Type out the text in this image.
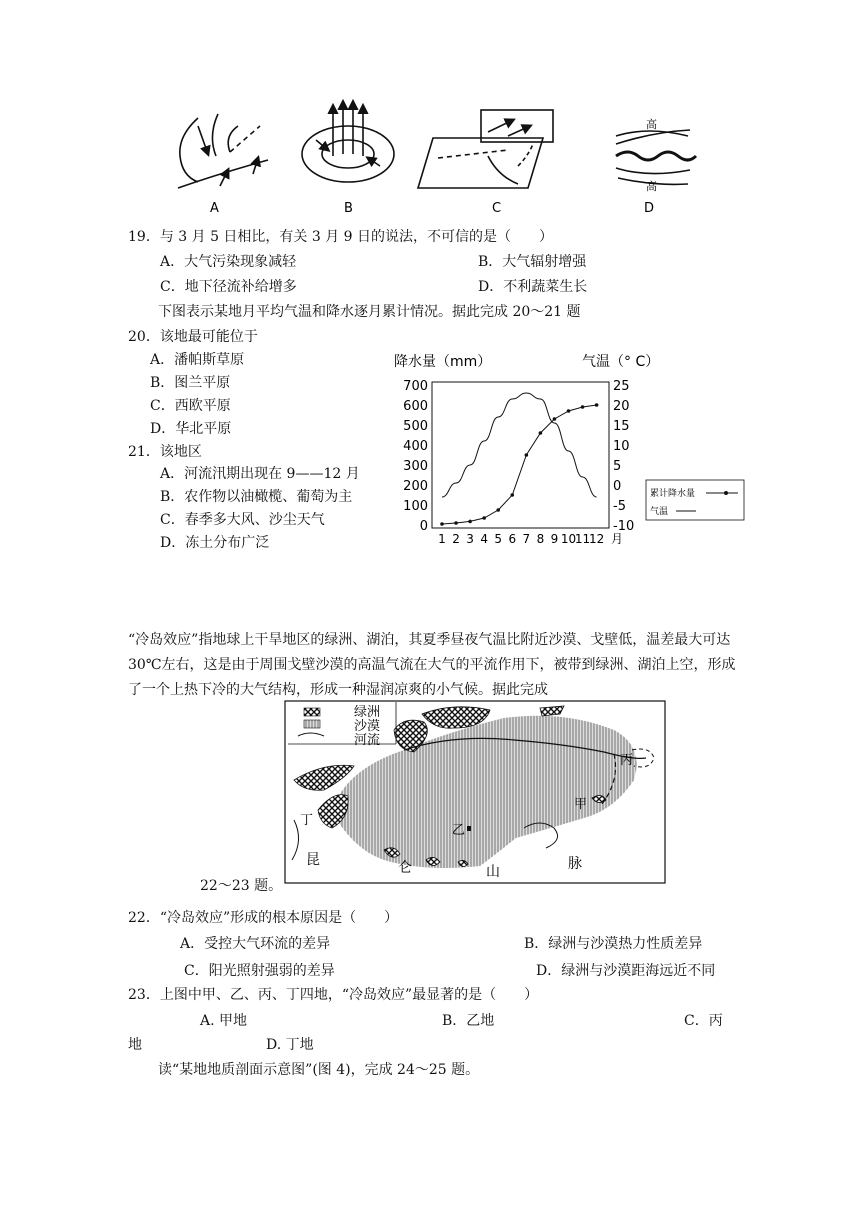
高
高
A	B	C	D
19．与 3 月 5 日相比，有关 3 月 9 日的说法，不可信的是（　　）
A．大气污染现象减轻	B．大气辐射增强
C．地下径流补给增多	D．不利蔬菜生长
下图表示某地月平均气温和降水逐月累计情况。据此完成 20～21 题
20．该地最可能位于
A．潘帕斯草原
B．图兰平原
C．西欧平原
D．华北平原
21．该地区
A．河流汛期出现在 9——12 月
B．农作物以油橄榄、葡萄为主
C．春季多大风、沙尘天气
D．冻土分布广泛
降水量（mm）	气温（° C）
0
100
200
300
400
500
600
700
-10
-5
0
5
10
15
20
25
1 2 3 4 5 6 7 8 9 10
11
12 月
累计降水量
气温
“冷岛效应”指地球上干旱地区的绿洲、湖泊，其夏季昼夜气温比附近沙漠、戈壁低，温差最大可达 30℃左右，这是由于周围戈壁沙漠的高温气流在大气的平流作用下，被带到绿洲、湖泊上空，形成了一个上热下冷的大气结构，形成一种湿润凉爽的小气候。据此完成
绿洲
沙漠
河流
丙
甲
乙
丁
昆	仑	山	脉
22～23 题。
22．“冷岛效应”形成的根本原因是（　　）
A．受控大气环流的差异	B．绿洲与沙漠热力性质差异
C．阳光照射强弱的差异	D．绿洲与沙漠距海远近不同
23．上图中甲、乙、丙、丁四地，“冷岛效应”最显著的是（　　）
A. 甲地	B．乙地	C．丙
地	D. 丁地
读“某地地质剖面示意图”(图 4)，完成 24～25 题。
